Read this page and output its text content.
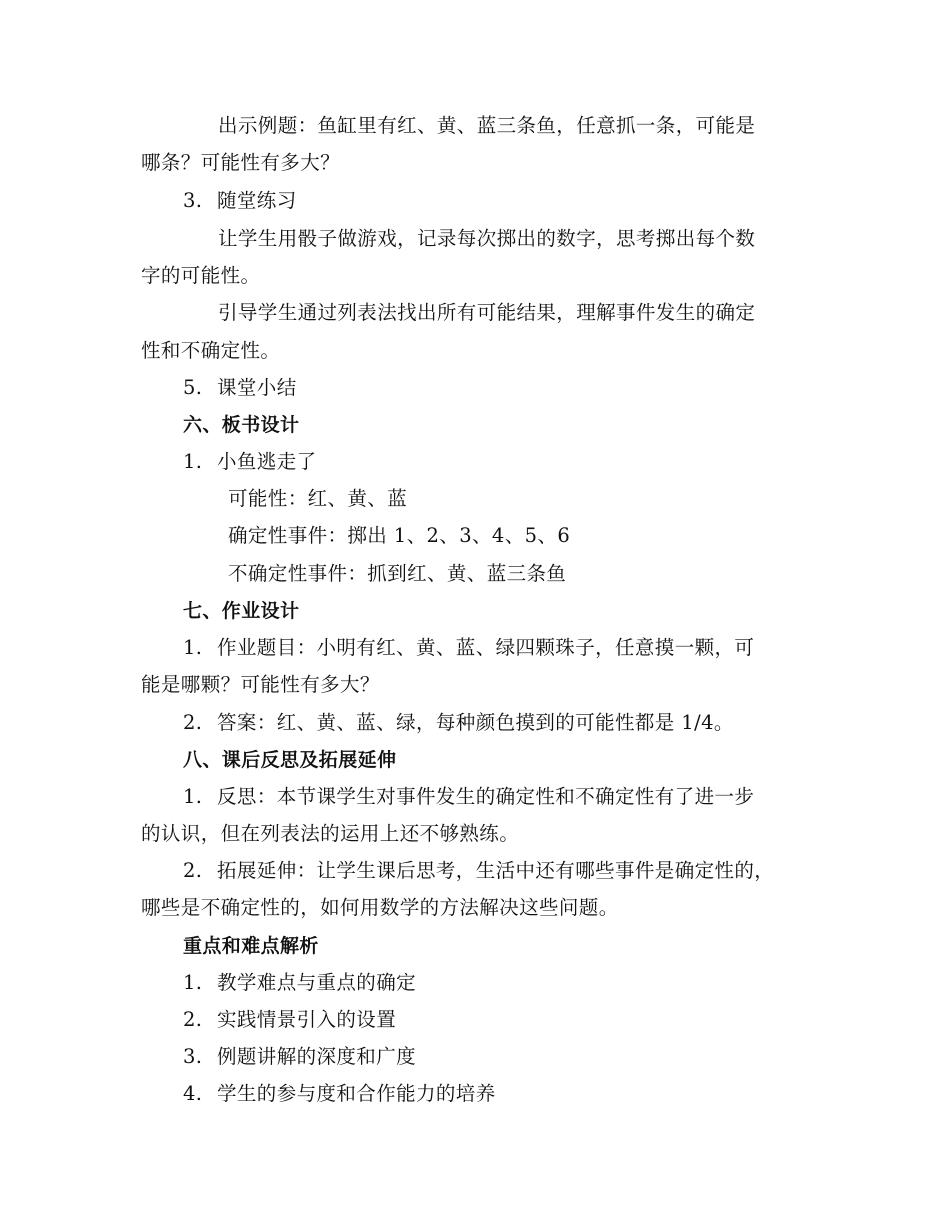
出示例题：鱼缸里有红、黄、蓝三条鱼，任意抓一条，可能是
哪条？可能性有多大？
3. 随堂练习
让学生用骰子做游戏，记录每次掷出的数字，思考掷出每个数
字的可能性。
引导学生通过列表法找出所有可能结果，理解事件发生的确定
性和不确定性。
5. 课堂小结
六、板书设计
1. 小鱼逃走了
可能性：红、黄、蓝
确定性事件：掷出 1、2、3、4、5、6
不确定性事件：抓到红、黄、蓝三条鱼
七、作业设计
1. 作业题目：小明有红、黄、蓝、绿四颗珠子，任意摸一颗，可
能是哪颗？可能性有多大？
2. 答案：红、黄、蓝、绿，每种颜色摸到的可能性都是 1/4。
八、课后反思及拓展延伸
1. 反思：本节课学生对事件发生的确定性和不确定性有了进一步
的认识，但在列表法的运用上还不够熟练。
2. 拓展延伸：让学生课后思考，生活中还有哪些事件是确定性的，
哪些是不确定性的，如何用数学的方法解决这些问题。
重点和难点解析
1. 教学难点与重点的确定
2. 实践情景引入的设置
3. 例题讲解的深度和广度
4. 学生的参与度和合作能力的培养
